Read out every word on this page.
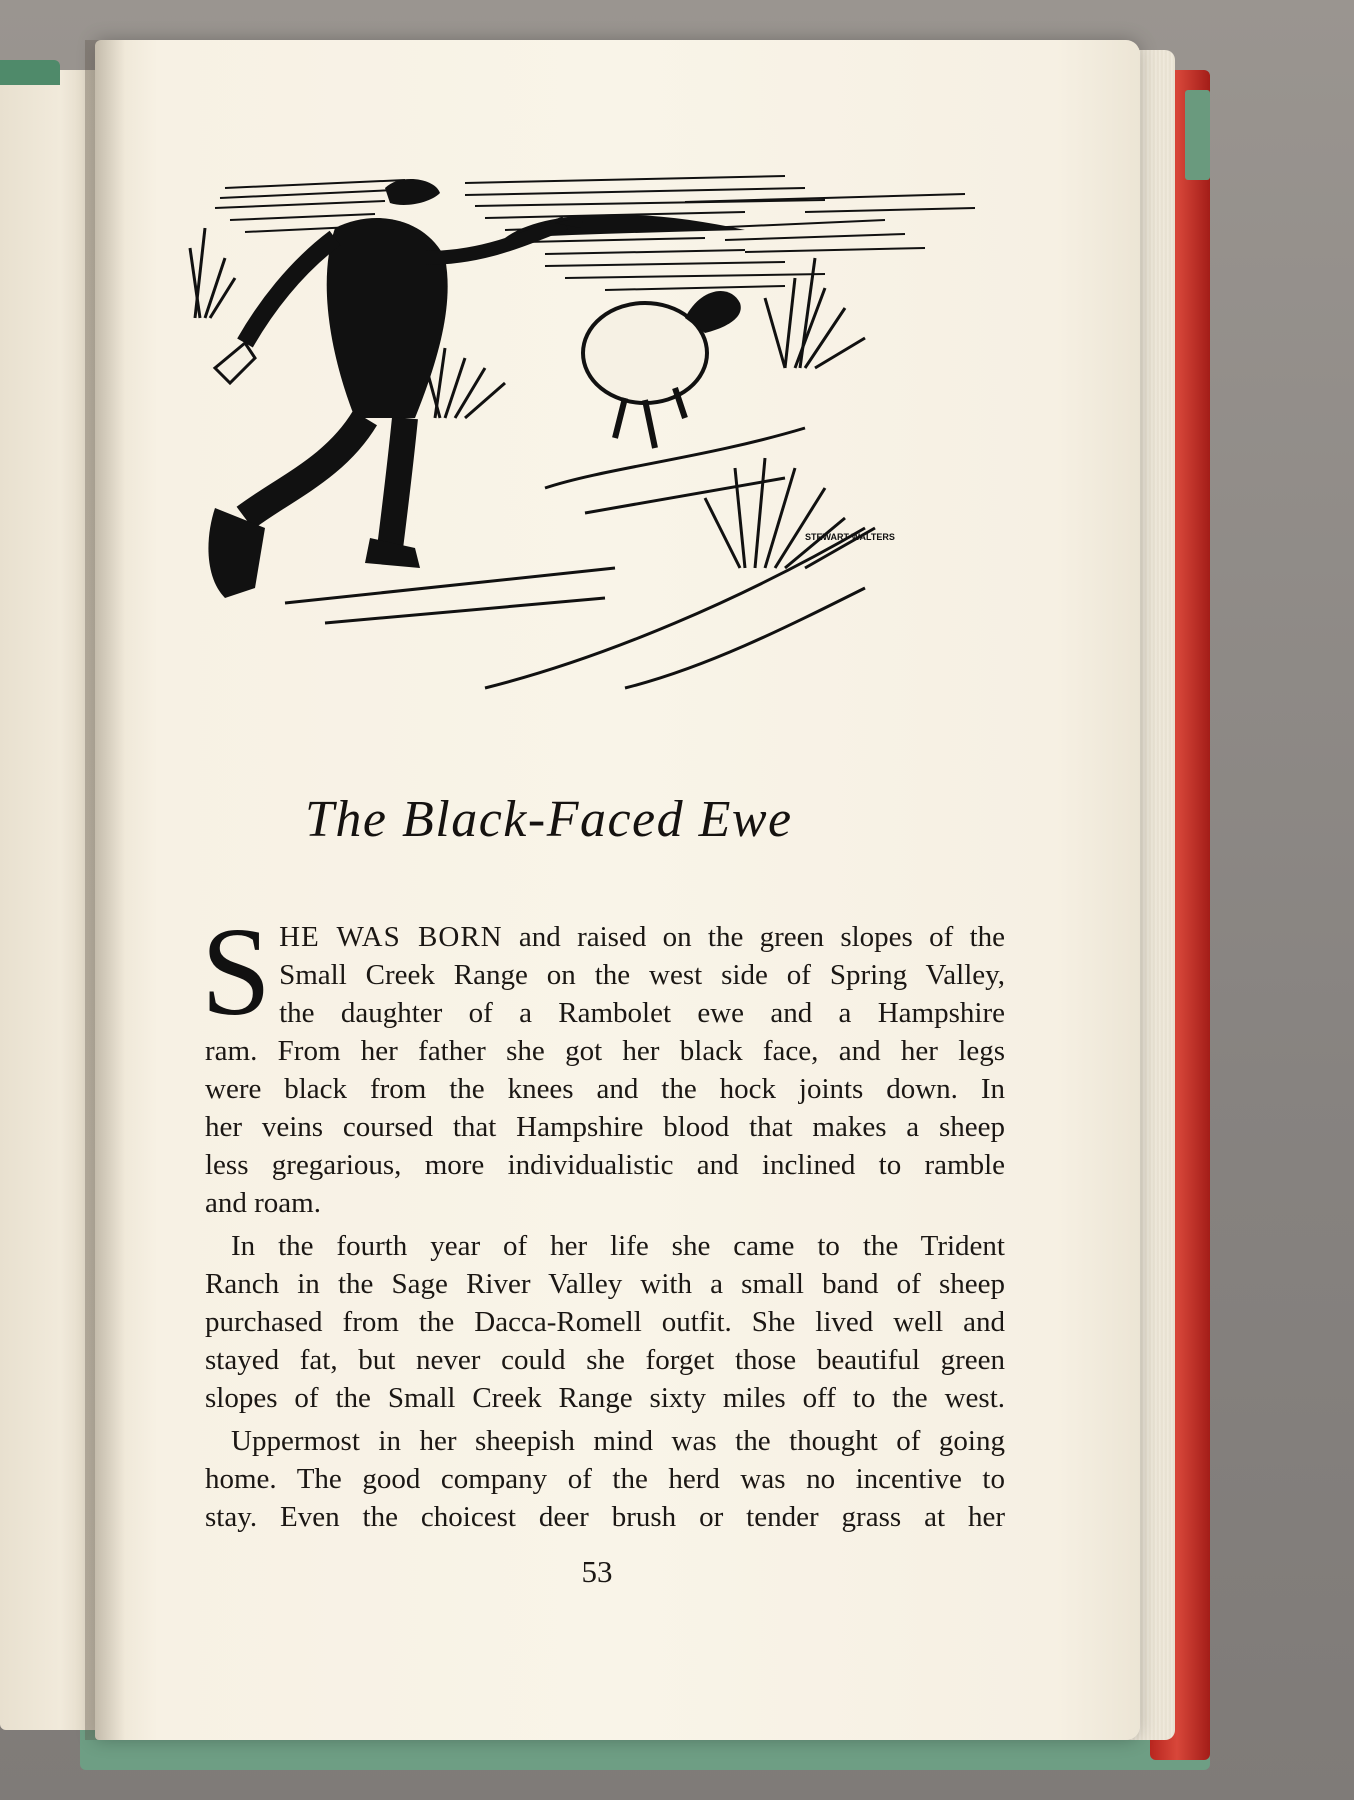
STEWART WALTERS
The Black-Faced Ewe
S HE WAS BORN and raised on the green slopes of the
Small Creek Range on the west side of Spring Valley,
the daughter of a Rambolet ewe and a Hampshire
ram. From her father she got her black face, and her legs
were black from the knees and the hock joints down. In
her veins coursed that Hampshire blood that makes a sheep
less gregarious, more individualistic and inclined to ramble
and roam.
In the fourth year of her life she came to the Trident
Ranch in the Sage River Valley with a small band of sheep
purchased from the Dacca-Romell outfit. She lived well and
stayed fat, but never could she forget those beautiful green
slopes of the Small Creek Range sixty miles off to the west.
Uppermost in her sheepish mind was the thought of going
home. The good company of the herd was no incentive to
stay. Even the choicest deer brush or tender grass at her
53
